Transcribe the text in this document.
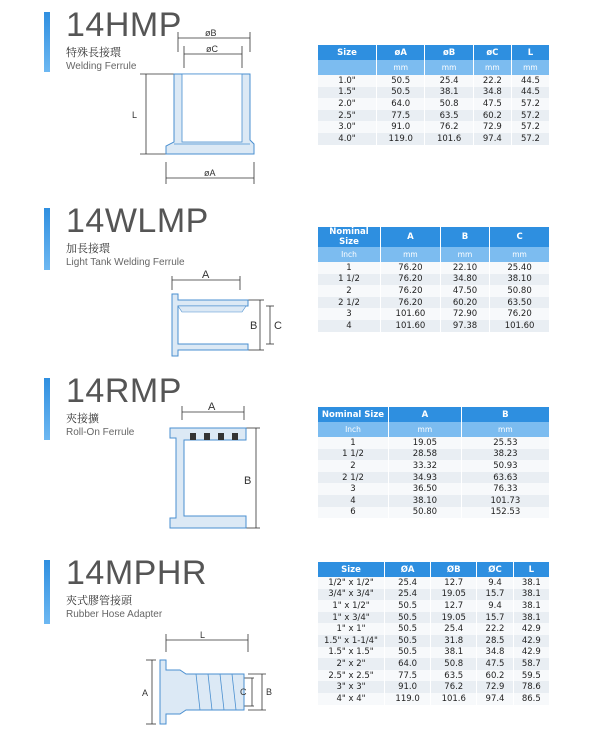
14HMP
特殊長接環
Welding Ferrule
øB
øC
L
øA
Size	øA	øB	øC	L
	mm	mm	mm	mm
1.0"	50.5	25.4	22.2	44.5
1.5"	50.5	38.1	34.8	44.5
2.0"	64.0	50.8	47.5	57.2
2.5"	77.5	63.5	60.2	57.2
3.0"	91.0	76.2	72.9	57.2
4.0"	119.0	101.6	97.4	57.2
14WLMP
加長接環
Light Tank Welding Ferrule
A
B C
Nominal Size	A	B	C
Inch	mm	mm	mm
1	76.20	22.10	25.40
1 1/2	76.20	34.80	38.10
2	76.20	47.50	50.80
2 1/2	76.20	60.20	63.50
3	101.60	72.90	76.20
4	101.60	97.38	101.60
14RMP
夾接擴
Roll-On Ferrule
A
B
Nominal Size	A	B
Inch	mm	mm
1	19.05	25.53
1 1/2	28.58	38.23
2	33.32	50.93
2 1/2	34.93	63.63
3	36.50	76.33
4	38.10	101.73
6	50.80	152.53
14MPHR
夾式膠管接頭
Rubber Hose Adapter
L
A	C B
Size	ØA	ØB	ØC	L
1/2" x 1/2"	25.4	12.7	9.4	38.1
3/4" x 3/4"	25.4	19.05	15.7	38.1
1" x 1/2"	50.5	12.7	9.4	38.1
1" x 3/4"	50.5	19.05	15.7	38.1
1" x 1"	50.5	25.4	22.2	42.9
1.5" x 1-1/4"	50.5	31.8	28.5	42.9
1.5" x 1.5"	50.5	38.1	34.8	42.9
2" x 2"	64.0	50.8	47.5	58.7
2.5" x 2.5"	77.5	63.5	60.2	59.5
3" x 3"	91.0	76.2	72.9	78.6
4" x 4"	119.0	101.6	97.4	86.5
